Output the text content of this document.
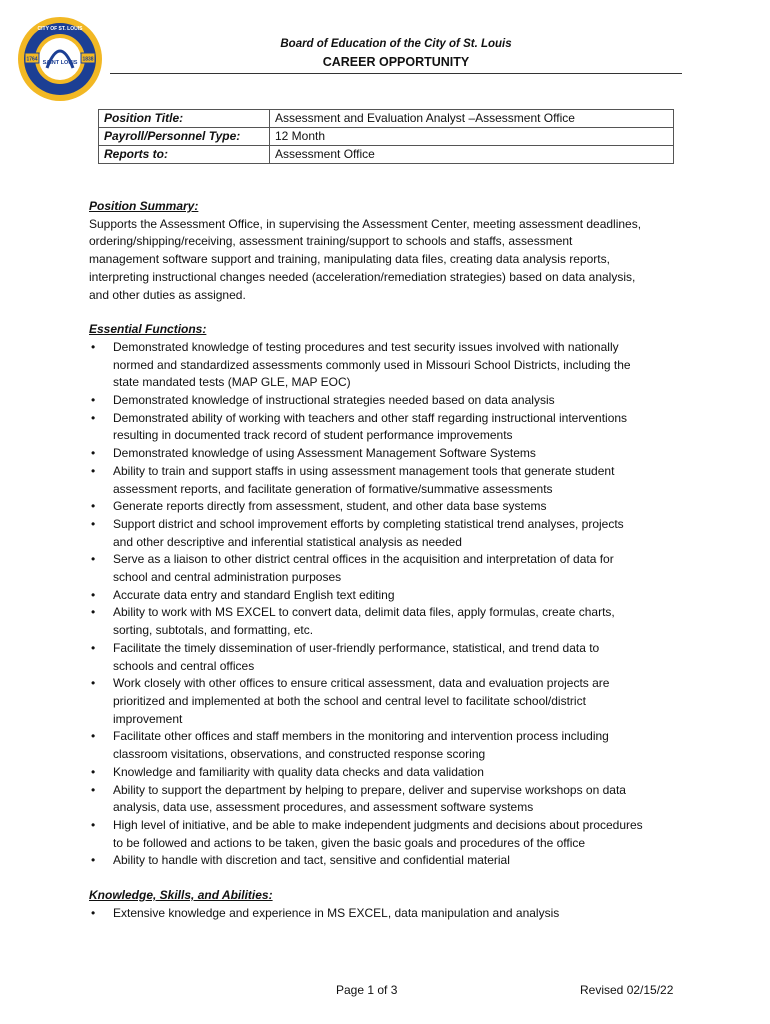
1764	1838
SAINT LOUIS
CITY OF ST. LOUIS
Board of Education of the City of St. Louis
CAREER OPPORTUNITY
Position Title:	Assessment and Evaluation Analyst –Assessment Office
Payroll/Personnel Type:	12 Month
Reports to:	Assessment Office
Position Summary:
Supports the Assessment Office, in supervising the Assessment Center, meeting assessment deadlines,
ordering/shipping/receiving, assessment training/support to schools and staffs, assessment
management software support and training, manipulating data files, creating data analysis reports,
interpreting instructional changes needed (acceleration/remediation strategies) based on data analysis,
and other duties as assigned.
Essential Functions:
• Demonstrated knowledge of testing procedures and test security issues involved with nationally
normed and standardized assessments commonly used in Missouri School Districts, including the
state mandated tests (MAP GLE, MAP EOC)
• Demonstrated knowledge of instructional strategies needed based on data analysis
• Demonstrated ability of working with teachers and other staff regarding instructional interventions
resulting in documented track record of student performance improvements
• Demonstrated knowledge of using Assessment Management Software Systems
• Ability to train and support staffs in using assessment management tools that generate student
assessment reports, and facilitate generation of formative/summative assessments
• Generate reports directly from assessment, student, and other data base systems
• Support district and school improvement efforts by completing statistical trend analyses, projects
and other descriptive and inferential statistical analysis as needed
• Serve as a liaison to other district central offices in the acquisition and interpretation of data for
school and central administration purposes
• Accurate data entry and standard English text editing
• Ability to work with MS EXCEL to convert data, delimit data files, apply formulas, create charts,
sorting, subtotals, and formatting, etc.
• Facilitate the timely dissemination of user-friendly performance, statistical, and trend data to
schools and central offices
• Work closely with other offices to ensure critical assessment, data and evaluation projects are
prioritized and implemented at both the school and central level to facilitate school/district
improvement
• Facilitate other offices and staff members in the monitoring and intervention process including
classroom visitations, observations, and constructed response scoring
• Knowledge and familiarity with quality data checks and data validation
• Ability to support the department by helping to prepare, deliver and supervise workshops on data
analysis, data use, assessment procedures, and assessment software systems
• High level of initiative, and be able to make independent judgments and decisions about procedures
to be followed and actions to be taken, given the basic goals and procedures of the office
• Ability to handle with discretion and tact, sensitive and confidential material
Knowledge, Skills, and Abilities:
• Extensive knowledge and experience in MS EXCEL, data manipulation and analysis
Page 1 of 3	Revised 02/15/22
